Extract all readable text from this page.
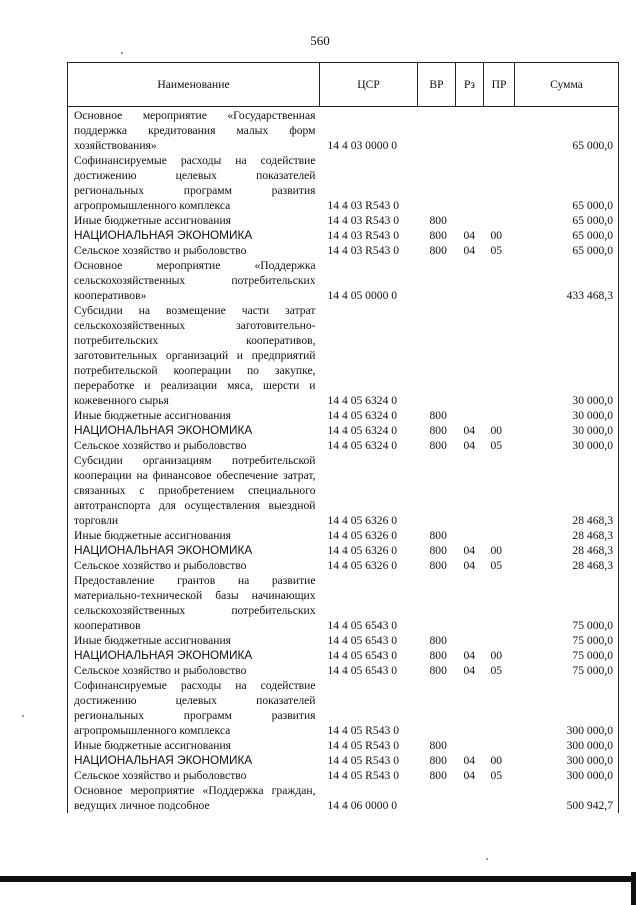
560
Наименование	ЦСР	ВР	Рз	ПР	Сумма
Основное мероприятие «Государственная поддержка кредитования малых форм хозяйствования»	14 4 03 0000 0				65 000,0
Софинансируемые расходы на содействие достижению целевых показателей региональных программ развития агропромышленного комплекса	14 4 03 R543 0				65 000,0
Иные бюджетные ассигнования	14 4 03 R543 0	800			65 000,0
НАЦИОНАЛЬНАЯ ЭКОНОМИКА	14 4 03 R543 0	800	04	00	65 000,0
Сельское хозяйство и рыболовство	14 4 03 R543 0	800	04	05	65 000,0
Основное мероприятие «Поддержка сельскохозяйственных потребительских кооперативов»	14 4 05 0000 0				433 468,3
Субсидии на возмещение части затрат сельскохозяйственных заготовительно-потребительских кооперативов, заготовительных организаций и предприятий потребительской кооперации по закупке, переработке и реализации мяса, шерсти и кожевенного сырья	14 4 05 6324 0				30 000,0
Иные бюджетные ассигнования	14 4 05 6324 0	800			30 000,0
НАЦИОНАЛЬНАЯ ЭКОНОМИКА	14 4 05 6324 0	800	04	00	30 000,0
Сельское хозяйство и рыболовство	14 4 05 6324 0	800	04	05	30 000,0
Субсидии организациям потребительской кооперации на финансовое обеспечение затрат, связанных с приобретением специального автотранспорта для осуществления выездной торговли	14 4 05 6326 0				28 468,3
Иные бюджетные ассигнования	14 4 05 6326 0	800			28 468,3
НАЦИОНАЛЬНАЯ ЭКОНОМИКА	14 4 05 6326 0	800	04	00	28 468,3
Сельское хозяйство и рыболовство	14 4 05 6326 0	800	04	05	28 468,3
Предоставление грантов на развитие материально-технической базы начинающих сельскохозяйственных потребительских кооперативов	14 4 05 6543 0				75 000,0
Иные бюджетные ассигнования	14 4 05 6543 0	800			75 000,0
НАЦИОНАЛЬНАЯ ЭКОНОМИКА	14 4 05 6543 0	800	04	00	75 000,0
Сельское хозяйство и рыболовство	14 4 05 6543 0	800	04	05	75 000,0
Софинансируемые расходы на содействие достижению целевых показателей региональных программ развития агропромышленного комплекса	14 4 05 R543 0				300 000,0
Иные бюджетные ассигнования	14 4 05 R543 0	800			300 000,0
НАЦИОНАЛЬНАЯ ЭКОНОМИКА	14 4 05 R543 0	800	04	00	300 000,0
Сельское хозяйство и рыболовство	14 4 05 R543 0	800	04	05	300 000,0
Основное мероприятие «Поддержка граждан, ведущих личное подсобное	14 4 06 0000 0				500 942,7
